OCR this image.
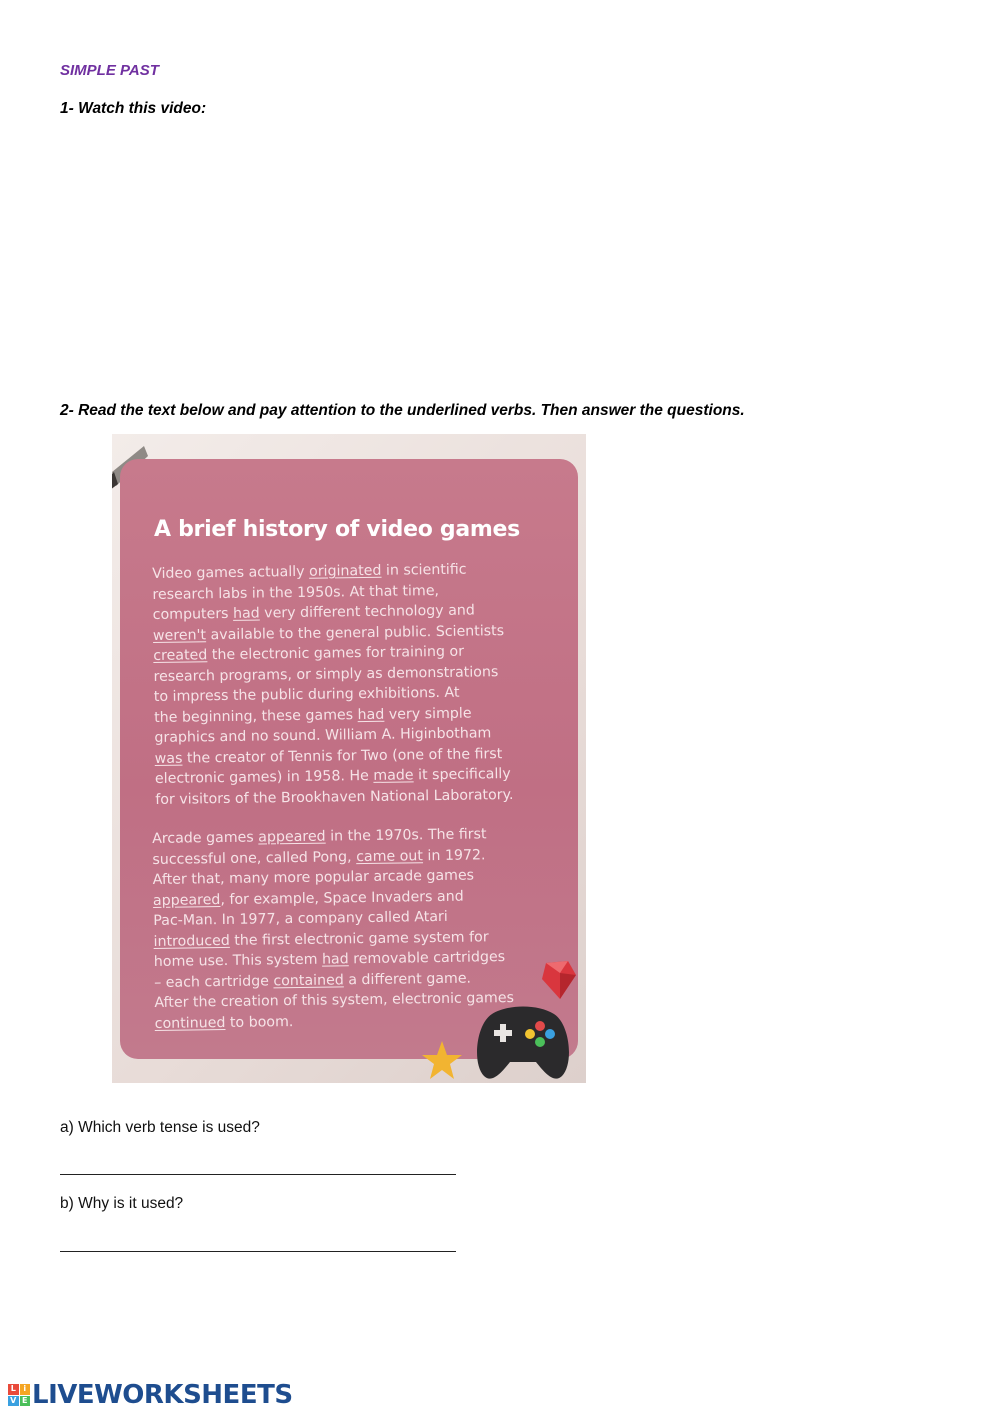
SIMPLE PAST
1- Watch this video:
2- Read the text below and pay attention to the underlined verbs. Then answer the questions.
A brief history of video games
Video games actually originated in scientific
research labs in the 1950s. At that time,
computers had very different technology and
weren't available to the general public. Scientists
created the electronic games for training or
research programs, or simply as demonstrations
to impress the public during exhibitions. At
the beginning, these games had very simple
graphics and no sound. William A. Higinbotham
was the creator of Tennis for Two (one of the first
electronic games) in 1958. He made it specifically
for visitors of the Brookhaven National Laboratory.
Arcade games appeared in the 1970s. The first
successful one, called Pong, came out in 1972.
After that, many more popular arcade games
appeared, for example, Space Invaders and
Pac-Man. In 1977, a company called Atari
introduced the first electronic game system for
home use. This system had removable cartridges
– each cartridge contained a different game.
After the creation of this system, electronic games
continued to boom.
a) Which verb tense is used?
b) Why is it used?
L i
V E LIVEWORKSHEETS
